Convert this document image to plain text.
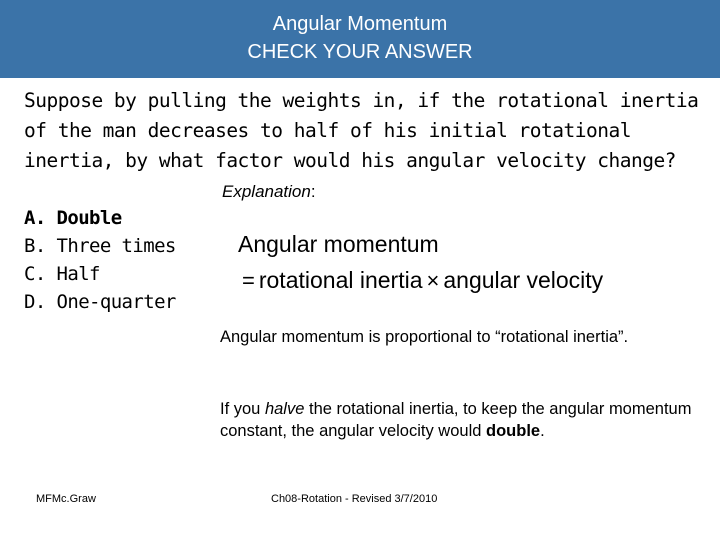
Angular Momentum
CHECK YOUR ANSWER
Suppose by pulling the weights in, if the rotational inertia of the man decreases to half of his initial rotational inertia, by what factor would his angular velocity change?
A. Double
B. Three times
C. Half
D. One-quarter
Explanation:
Angular momentum
= rotational inertia × angular velocity
Angular momentum is proportional to “rotational inertia”.
If you halve the rotational inertia, to keep the angular momentum constant, the angular velocity would double.
MFMc.Graw	Ch08-Rotation - Revised 3/7/2010
